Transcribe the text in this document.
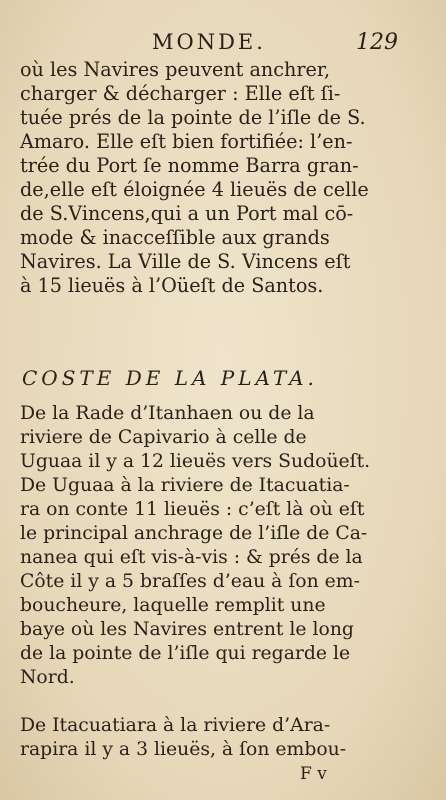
MONDE.	129
où les Navires peuvent anchrer,
charger & décharger : Elle eſt ſi-
tuée prés de la pointe de l’iſle de S.
Amaro. Elle eſt bien fortifiée: l’en-
trée du Port ſe nomme Barra gran-
de,elle eſt éloignée 4 lieuës de celle
de S.Vincens,qui a un Port mal cō-
mode & inacceſſible aux grands
Navires. La Ville de S. Vincens eſt
à 15 lieuës à l’Oüeſt de Santos.
COSTE DE LA PLATA.
De la Rade d’Itanhaen ou de la
riviere de Capivario à celle de
Uguaa il y a 12 lieuës vers Sudoüeſt.
De Uguaa à la riviere de Itacuatia-
ra on conte 11 lieuës : c’eſt là où eſt
le principal anchrage de l’iſle de Ca-
nanea qui eſt vis-à-vis : & prés de la
Côte il y a 5 braſſes d’eau à ſon em-
boucheure, laquelle remplit une
baye où les Navires entrent le long
de la pointe de l’iſle qui regarde le
Nord.
De Itacuatiara à la riviere d’Ara-
rapira il y a 3 lieuës, à ſon embou-
F v
